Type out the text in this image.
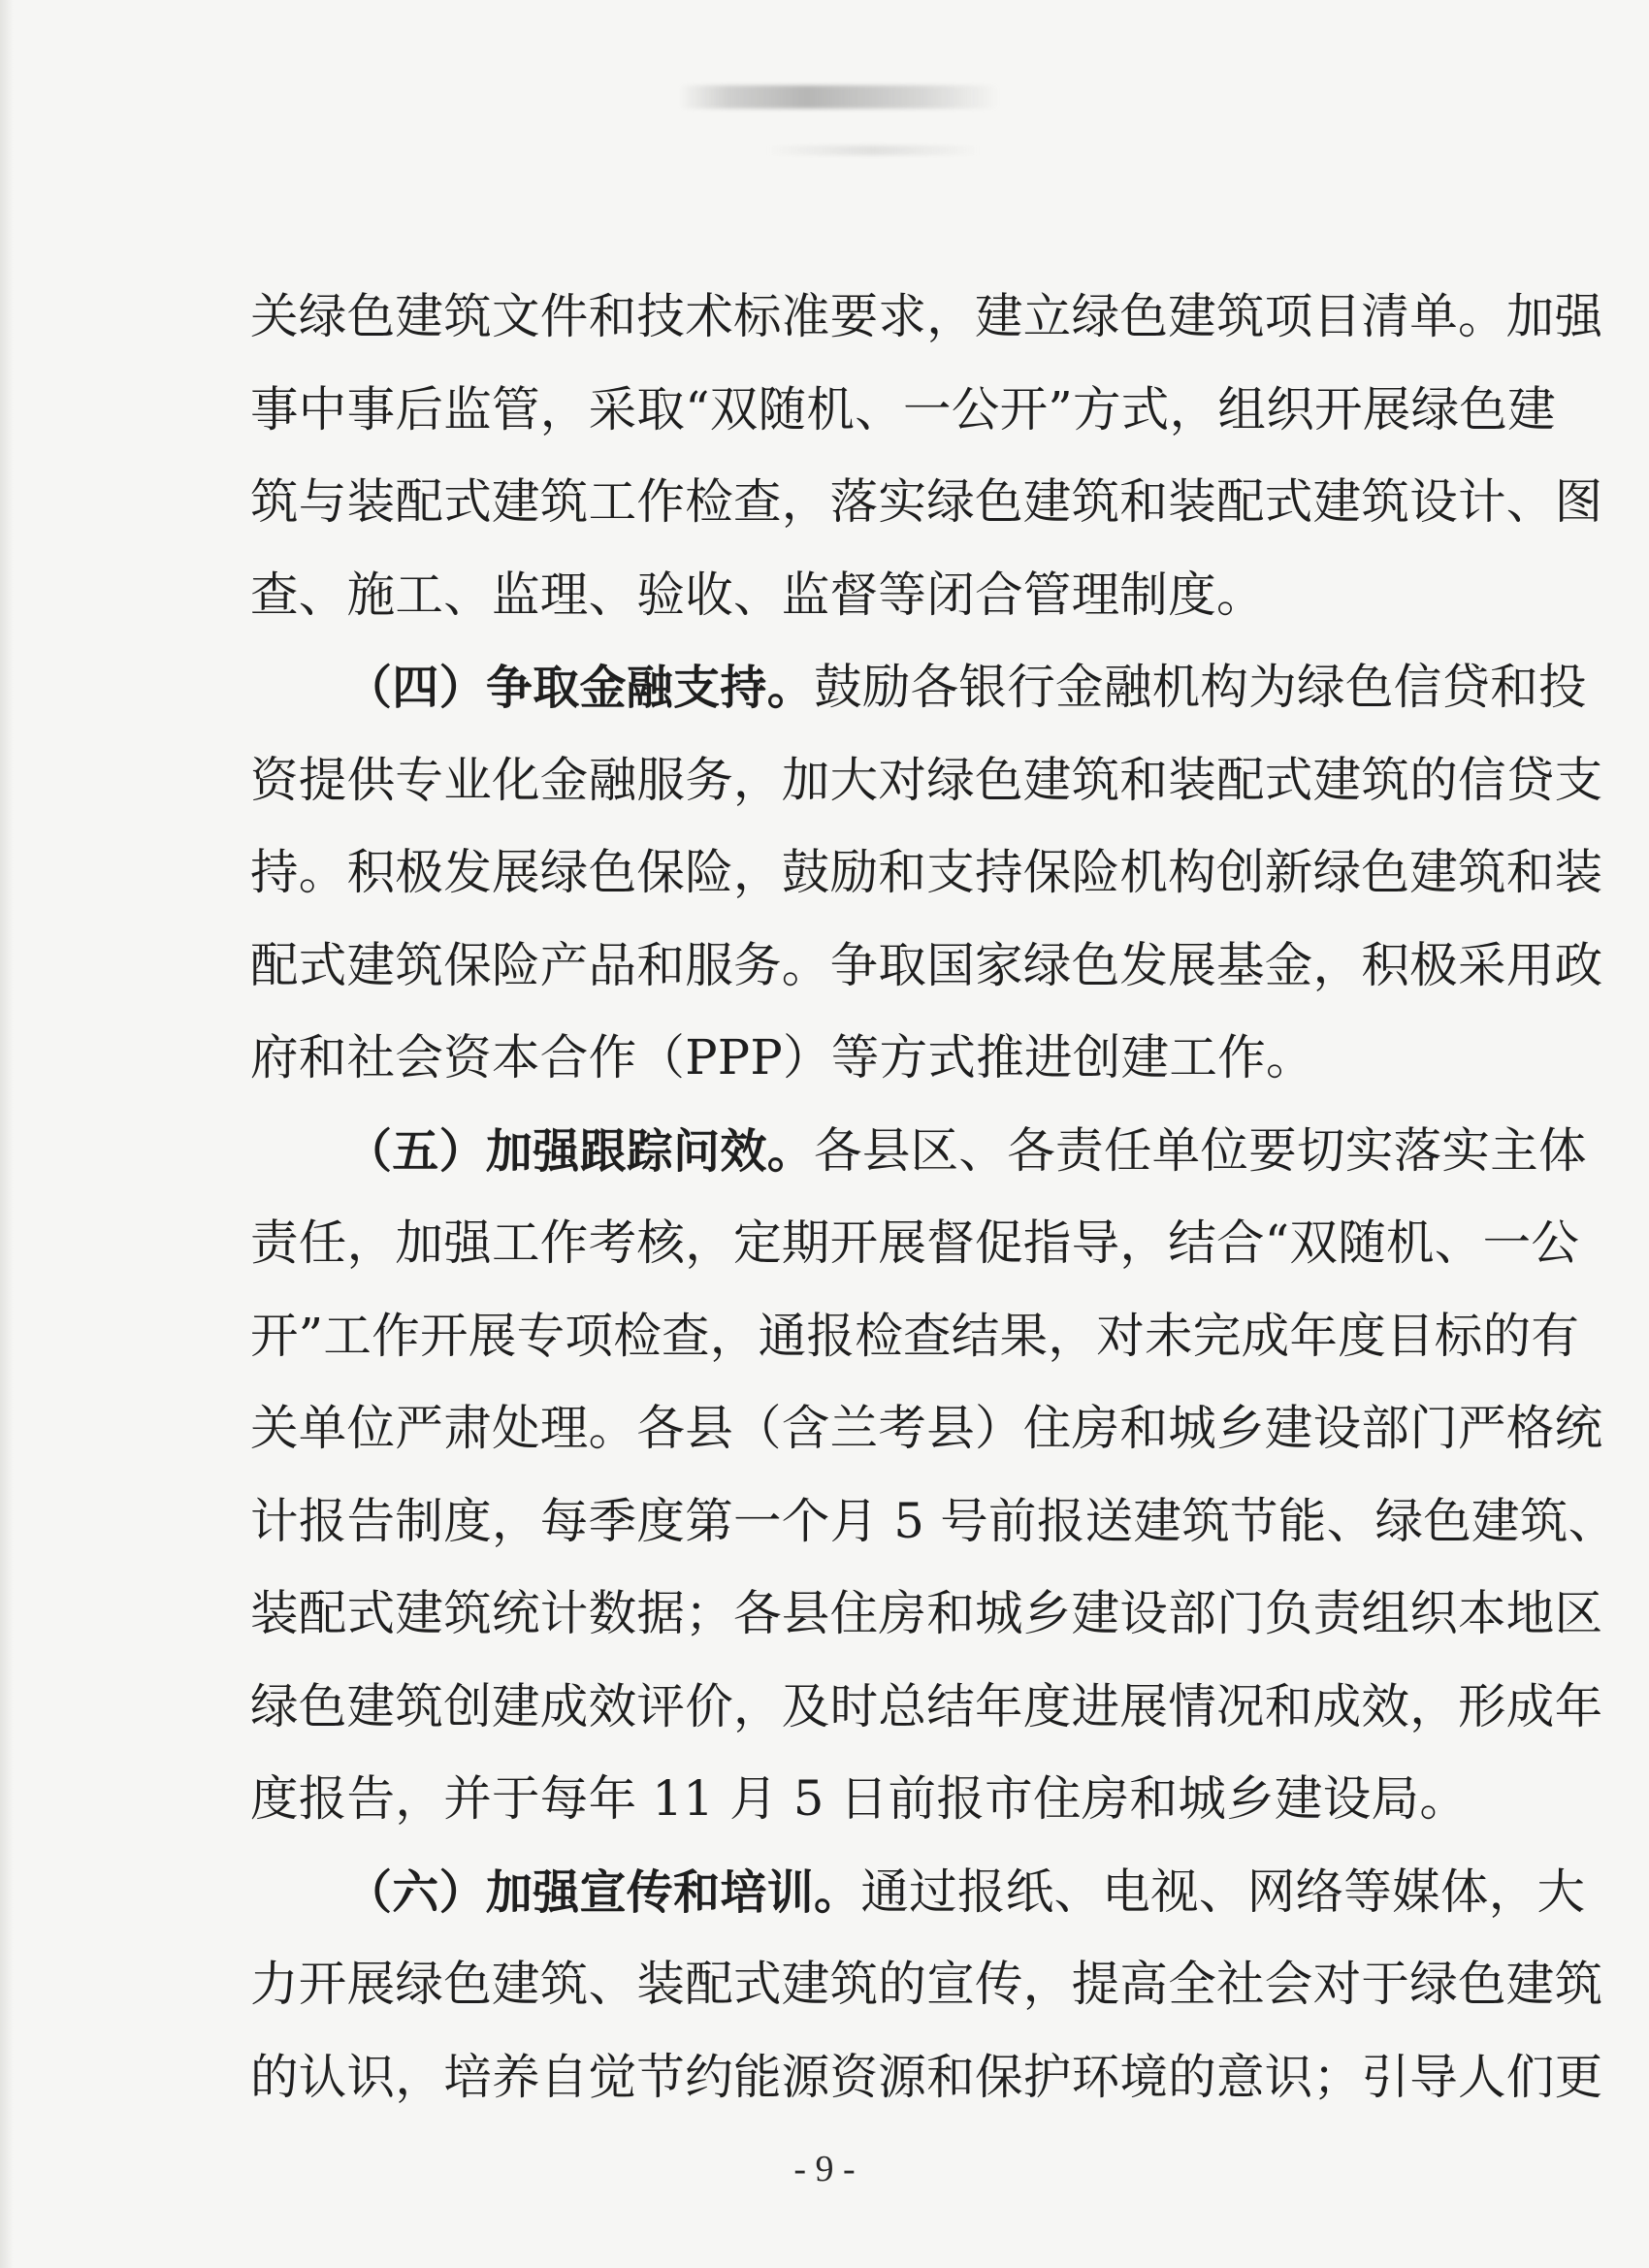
关绿色建筑文件和技术标准要求，建立绿色建筑项目清单。加强
事中事后监管，采取“双随机、一公开”方式，组织开展绿色建
筑与装配式建筑工作检查，落实绿色建筑和装配式建筑设计、图
查、施工、监理、验收、监督等闭合管理制度。
（四）争取金融支持。鼓励各银行金融机构为绿色信贷和投
资提供专业化金融服务，加大对绿色建筑和装配式建筑的信贷支
持。积极发展绿色保险，鼓励和支持保险机构创新绿色建筑和装
配式建筑保险产品和服务。争取国家绿色发展基金，积极采用政
府和社会资本合作（PPP）等方式推进创建工作。
（五）加强跟踪问效。各县区、各责任单位要切实落实主体
责任，加强工作考核，定期开展督促指导，结合“双随机、一公
开”工作开展专项检查，通报检查结果，对未完成年度目标的有
关单位严肃处理。各县（含兰考县）住房和城乡建设部门严格统
计报告制度，每季度第一个月 5 号前报送建筑节能、绿色建筑、
装配式建筑统计数据；各县住房和城乡建设部门负责组织本地区
绿色建筑创建成效评价，及时总结年度进展情况和成效，形成年
度报告，并于每年 11 月 5 日前报市住房和城乡建设局。
（六）加强宣传和培训。通过报纸、电视、网络等媒体，大
力开展绿色建筑、装配式建筑的宣传，提高全社会对于绿色建筑
的认识，培养自觉节约能源资源和保护环境的意识；引导人们更
- 9 -
